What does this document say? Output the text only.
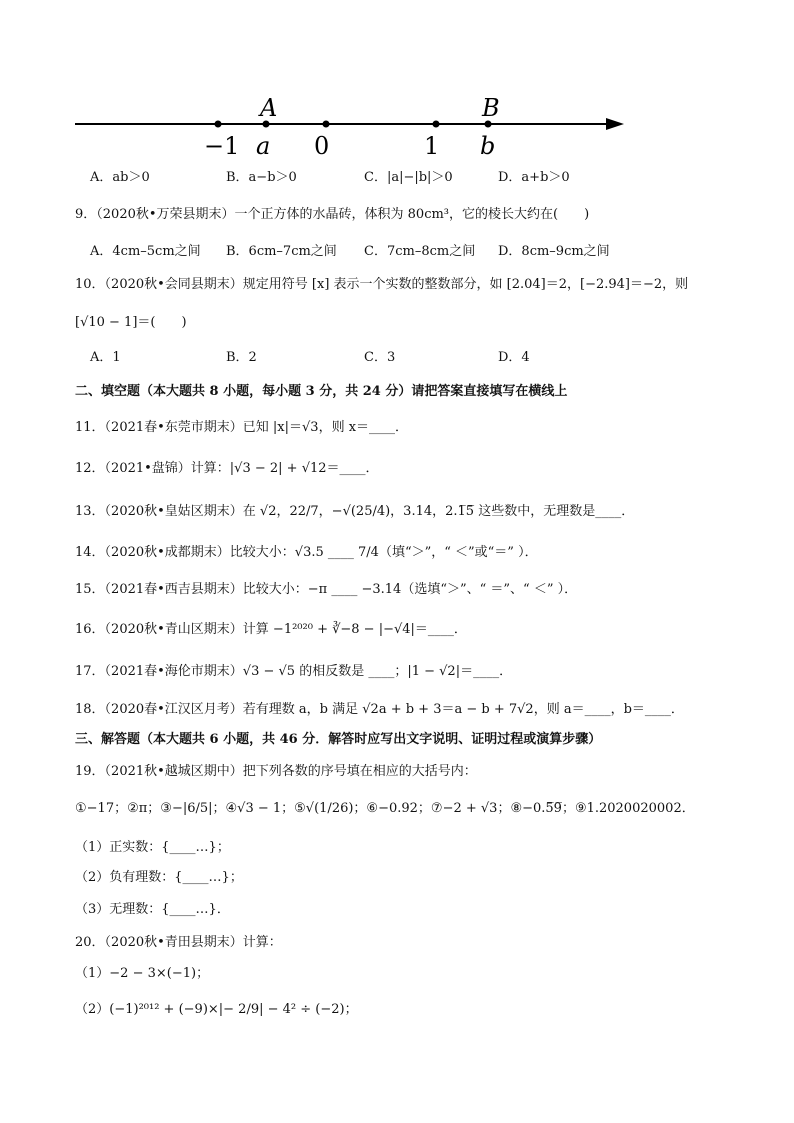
A	B
−1 a 0	1 b
A．ab＞0	B．a−b＞0	C．|a|−|b|＞0	D．a+b＞0
9．（2020秋•万荣县期末）一个正方体的水晶砖，体积为 80cm³，它的棱长大约在(　　)
A．4cm–5cm之间 B．6cm–7cm之间 C．7cm–8cm之间 D．8cm–9cm之间
10．（2020秋•会同县期末）规定用符号 [x] 表示一个实数的整数部分，如 [2.04]＝2，[−2.94]＝−2，则
[√10 − 1]＝(　　)
A．1	B．2	C．3	D．4
二、填空题（本大题共 8 小题，每小题 3 分，共 24 分）请把答案直接填写在横线上
11．（2021春•东莞市期末）已知 |x|＝√3，则 x＝____．
12．（2021•盘锦）计算：|√3 − 2| + √12＝____．
13．（2020秋•皇姑区期末）在 √2，22/7，−√(25/4)，3.14，2.1̅5̅ 这些数中，无理数是____．
14．（2020秋•成都期末）比较大小：√3.5 ____ 7/4（填“＞”，“ ＜”或“＝” ）．
15．（2021春•西吉县期末）比较大小：−π ____ −3.14（选填“＞”、“ ＝”、“ ＜” ）．
16．（2020秋•青山区期末）计算 −1²⁰²⁰ + ∛−8 − |−√4|＝____．
17．（2021春•海伦市期末）√3 − √5 的相反数是 ____；|1 − √2|＝____．
18．（2020春•江汉区月考）若有理数 a，b 满足 √2a + b + 3＝a − b + 7√2，则 a＝____，b＝____．
三、解答题（本大题共 6 小题，共 46 分．解答时应写出文字说明、证明过程或演算步骤）
19．（2021秋•越城区期中）把下列各数的序号填在相应的大括号内：
①−17；②π；③−|6/5|；④√3 − 1；⑤√(1/26)；⑥−0.92；⑦−2 + √3；⑧−0.5̅9̅；⑨1.2020020002．
（1）正实数：{____…}；
（2）负有理数：{____…}；
（3）无理数：{____…}．
20．（2020秋•青田县期末）计算：
（1）−2 − 3×(−1)；
（2）(−1)²⁰¹² + (−9)×|− 2/9| − 4² ÷ (−2)；
